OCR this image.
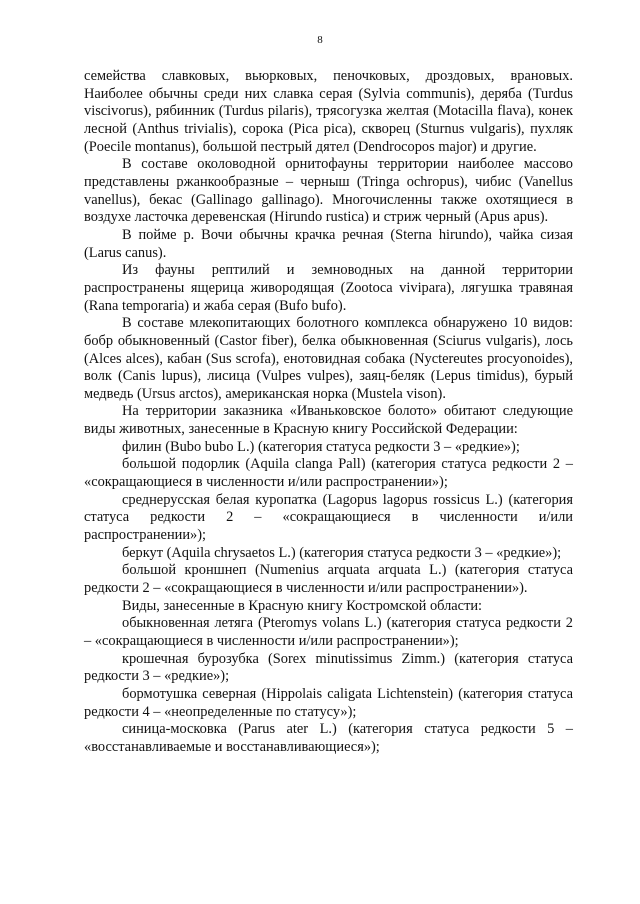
8

семейства славковых, вьюрковых, пеночковых, дроздовых, врановых. Наиболее обычны среди них славка серая (Sylvia communis), деряба (Turdus viscivorus), рябинник (Turdus pilaris), трясогузка желтая (Motacilla flava), конек лесной (Anthus trivialis), сорока (Pica pica), скворец (Sturnus vulgaris), пухляк (Poecile montanus), большой пестрый дятел (Dendrocopos major) и другие.

В составе околоводной орнитофауны территории наиболее массово представлены ржанкообразные – черныш (Tringa ochropus), чибис (Vanellus vanellus), бекас (Gallinago gallinago). Многочисленны также охотящиеся в воздухе ласточка деревенская (Hirundo rustica) и стриж черный (Apus apus).

В пойме р. Вочи обычны крачка речная (Sterna hirundo), чайка сизая (Larus canus).

Из фауны рептилий и земноводных на данной территории распространены ящерица живородящая (Zootoca vivipara), лягушка травяная (Rana temporaria) и жаба серая (Bufo bufo).

В составе млекопитающих болотного комплекса обнаружено 10 видов: бобр обыкновенный (Castor fiber), белка обыкновенная (Sciurus vulgaris), лось (Alces alces), кабан (Sus scrofa), енотовидная собака (Nyctereutes procyonoides), волк (Canis lupus), лисица (Vulpes vulpes), заяц-беляк (Lepus timidus), бурый медведь (Ursus arctos), американская норка (Mustela vison).

На территории заказника «Иваньковское болото» обитают следующие виды животных, занесенные в Красную книгу Российской Федерации:

филин (Bubo bubo L.) (категория статуса редкости 3 – «редкие»);

большой подорлик (Aquila clanga Pall) (категория статуса редкости 2 – «сокращающиеся в численности и/или распространении»);

среднерусская белая куропатка (Lagopus lagopus rossicus L.) (категория статуса редкости 2 – «сокращающиеся в численности и/или распространении»);

беркут (Aquila chrysaetos L.) (категория статуса редкости 3 – «редкие»);

большой кроншнеп (Numenius arquata arquata L.) (категория статуса редкости 2 – «сокращающиеся в численности и/или распространении»).

Виды, занесенные в Красную книгу Костромской области:

обыкновенная летяга (Pteromys volans L.) (категория статуса редкости 2 – «сокращающиеся в численности и/или распространении»);

крошечная бурозубка (Sorex minutissimus Zimm.) (категория статуса редкости 3 – «редкие»);

бормотушка северная (Hippolais caligata Lichtenstein) (категория статуса редкости 4 – «неопределенные по статусу»);

синица-московка (Parus ater L.) (категория статуса редкости 5 – «восстанавливаемые и восстанавливающиеся»);
